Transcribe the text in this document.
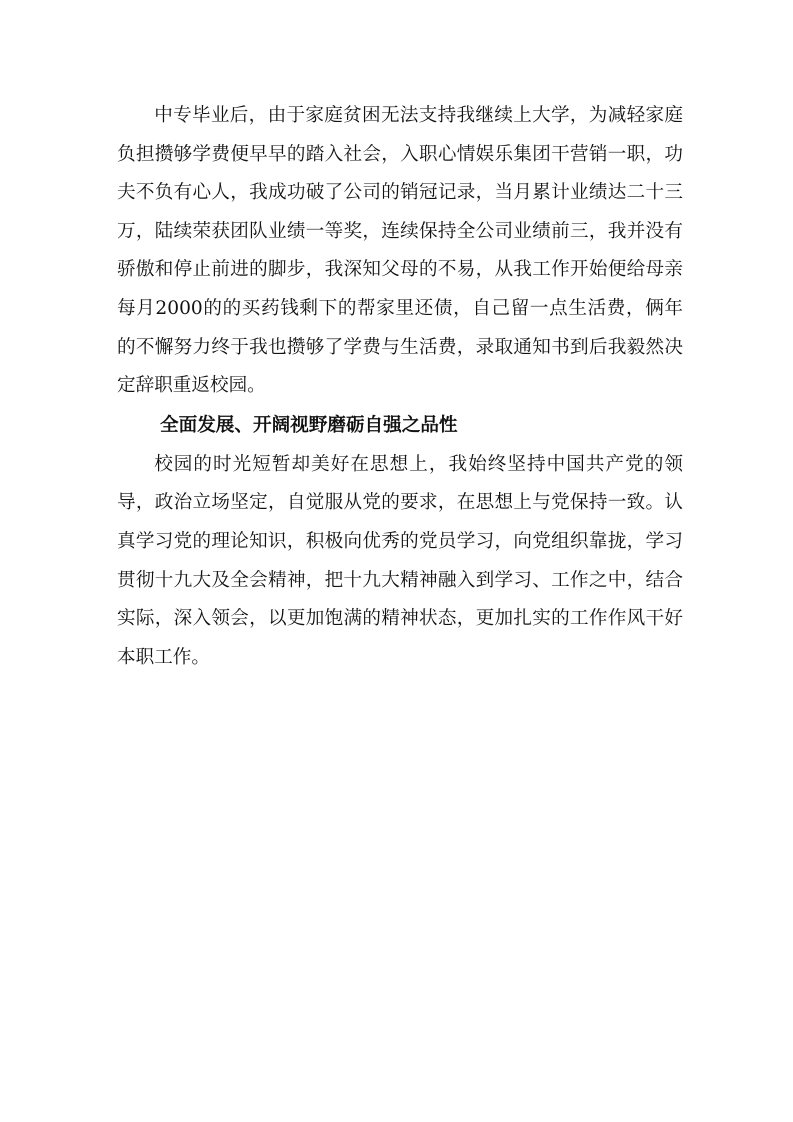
中专毕业后，由于家庭贫困无法支持我继续上大学，为减轻家庭负担攒够学费便早早的踏入社会，入职心情娱乐集团干营销一职，功夫不负有心人，我成功破了公司的销冠记录，当月累计业绩达二十三万，陆续荣获团队业绩一等奖，连续保持全公司业绩前三，我并没有骄傲和停止前进的脚步，我深知父母的不易，从我工作开始便给母亲每月2000的的买药钱剩下的帮家里还债，自己留一点生活费，俩年的不懈努力终于我也攒够了学费与生活费，录取通知书到后我毅然决定辞职重返校园。

全面发展、开阔视野磨砺自强之品性

校园的时光短暂却美好在思想上，我始终坚持中国共产党的领导，政治立场坚定，自觉服从党的要求，在思想上与党保持一致。认真学习党的理论知识，积极向优秀的党员学习，向党组织靠拢，学习贯彻十九大及全会精神，把十九大精神融入到学习、工作之中，结合实际，深入领会，以更加饱满的精神状态，更加扎实的工作作风干好本职工作。
